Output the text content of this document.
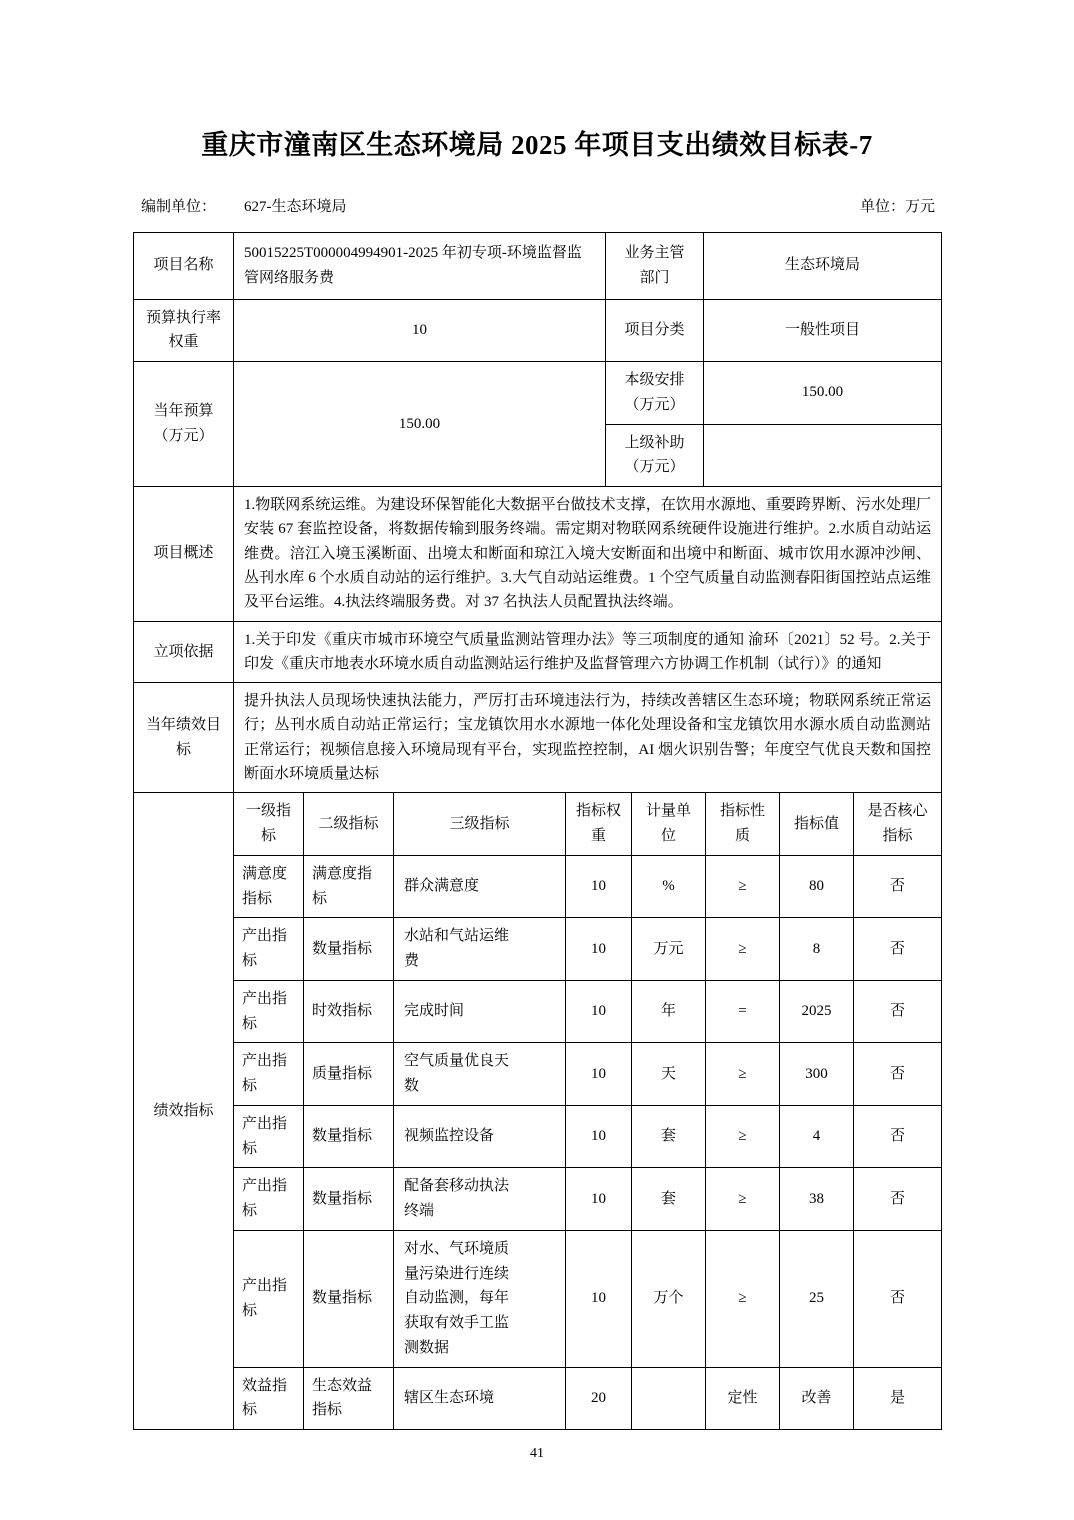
重庆市潼南区生态环境局 2025 年项目支出绩效目标表-7
编制单位： 627-生态环境局	单位：万元
项目名称	50015225T000004994901-2025 年初专项-环境监督监管网络服务费	业务主管部门	生态环境局
预算执行率权重	10	项目分类	一般性项目
当年预算（万元）	150.00	本级安排（万元）	150.00
		上级补助（万元）	
项目概述	1.物联网系统运维。为建设环保智能化大数据平台做技术支撑，在饮用水源地、重要跨界断、污水处理厂安装 67 套监控设备，将数据传输到服务终端。需定期对物联网系统硬件设施进行维护。2.水质自动站运维费。涪江入境玉溪断面、出境太和断面和琼江入境大安断面和出境中和断面、城市饮用水源冲沙闸、丛刊水库 6 个水质自动站的运行维护。3.大气自动站运维费。1 个空气质量自动监测春阳街国控站点运维及平台运维。4.执法终端服务费。对 37 名执法人员配置执法终端。		
立项依据	1.关于印发《重庆市城市环境空气质量监测站管理办法》等三项制度的通知 渝环〔2021〕52 号。2.关于印发《重庆市地表水环境水质自动监测站运行维护及监督管理六方协调工作机制（试行）》的通知		
当年绩效目标	提升执法人员现场快速执法能力，严厉打击环境违法行为，持续改善辖区生态环境；物联网系统正常运行；丛刊水质自动站正常运行；宝龙镇饮用水水源地一体化处理设备和宝龙镇饮用水源水质自动监测站正常运行；视频信息接入环境局现有平台，实现监控控制，AI 烟火识别告警；年度空气优良天数和国控断面水环境质量达标		
绩效指标	一级指标	二级指标	三级指标	指标权重	计量单位	指标性质	指标值	是否核心指标
	满意度指标	满意度指标	群众满意度	10	%	≥	80	否
	产出指标	数量指标	水站和气站运维费	10	万元	≥	8	否
	产出指标	时效指标	完成时间	10	年	=	2025	否
	产出指标	质量指标	空气质量优良天数	10	天	≥	300	否
	产出指标	数量指标	视频监控设备	10	套	≥	4	否
	产出指标	数量指标	配备套移动执法终端	10	套	≥	38	否
	产出指标	数量指标	对水、气环境质量污染进行连续自动监测，每年获取有效手工监测数据	10	万个	≥	25	否
	效益指标	生态效益指标	辖区生态环境	20		定性	改善	是
41
